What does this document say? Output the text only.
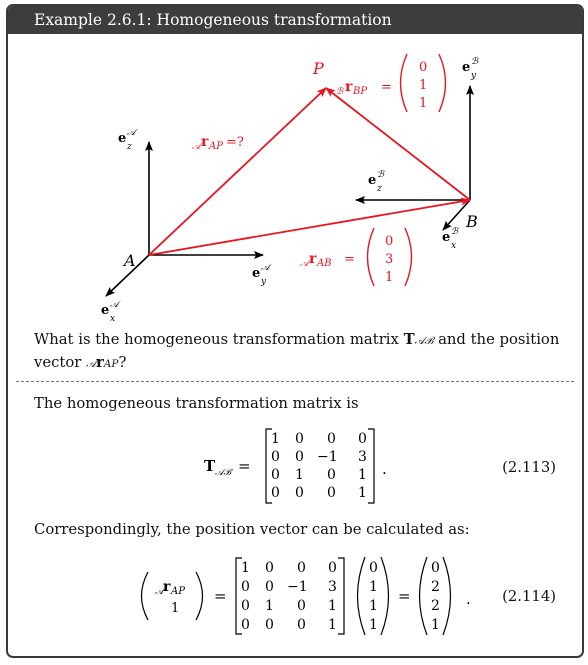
Example 2.6.1: Homogeneous transformation
P
A
B
e 𝒜
z
e 𝒜
y
e 𝒜
x
e ℬ
y
e ℬ
z
e ℬ
x
𝒜 r AP =?
ℬ r BP =
0
1
1
𝒜 r AB =
0
3
1
What is the homogeneous transformation matrix T𝒜ℬ and the position vector 𝒜rAP?
The homogeneous transformation matrix is
T 𝒜ℬ =
1 0 0 0
0 0 −1 3
0 1 0 1
0 0 0 1
.	(2.113)
Correspondingly, the position vector can be calculated as:
𝒜 r AP
1
=
1 0 0 0
0 0 −1 3
0 1 0 1
0 0 0 1
0
1
1
1
=
0
2
2
1
. (2.114)
